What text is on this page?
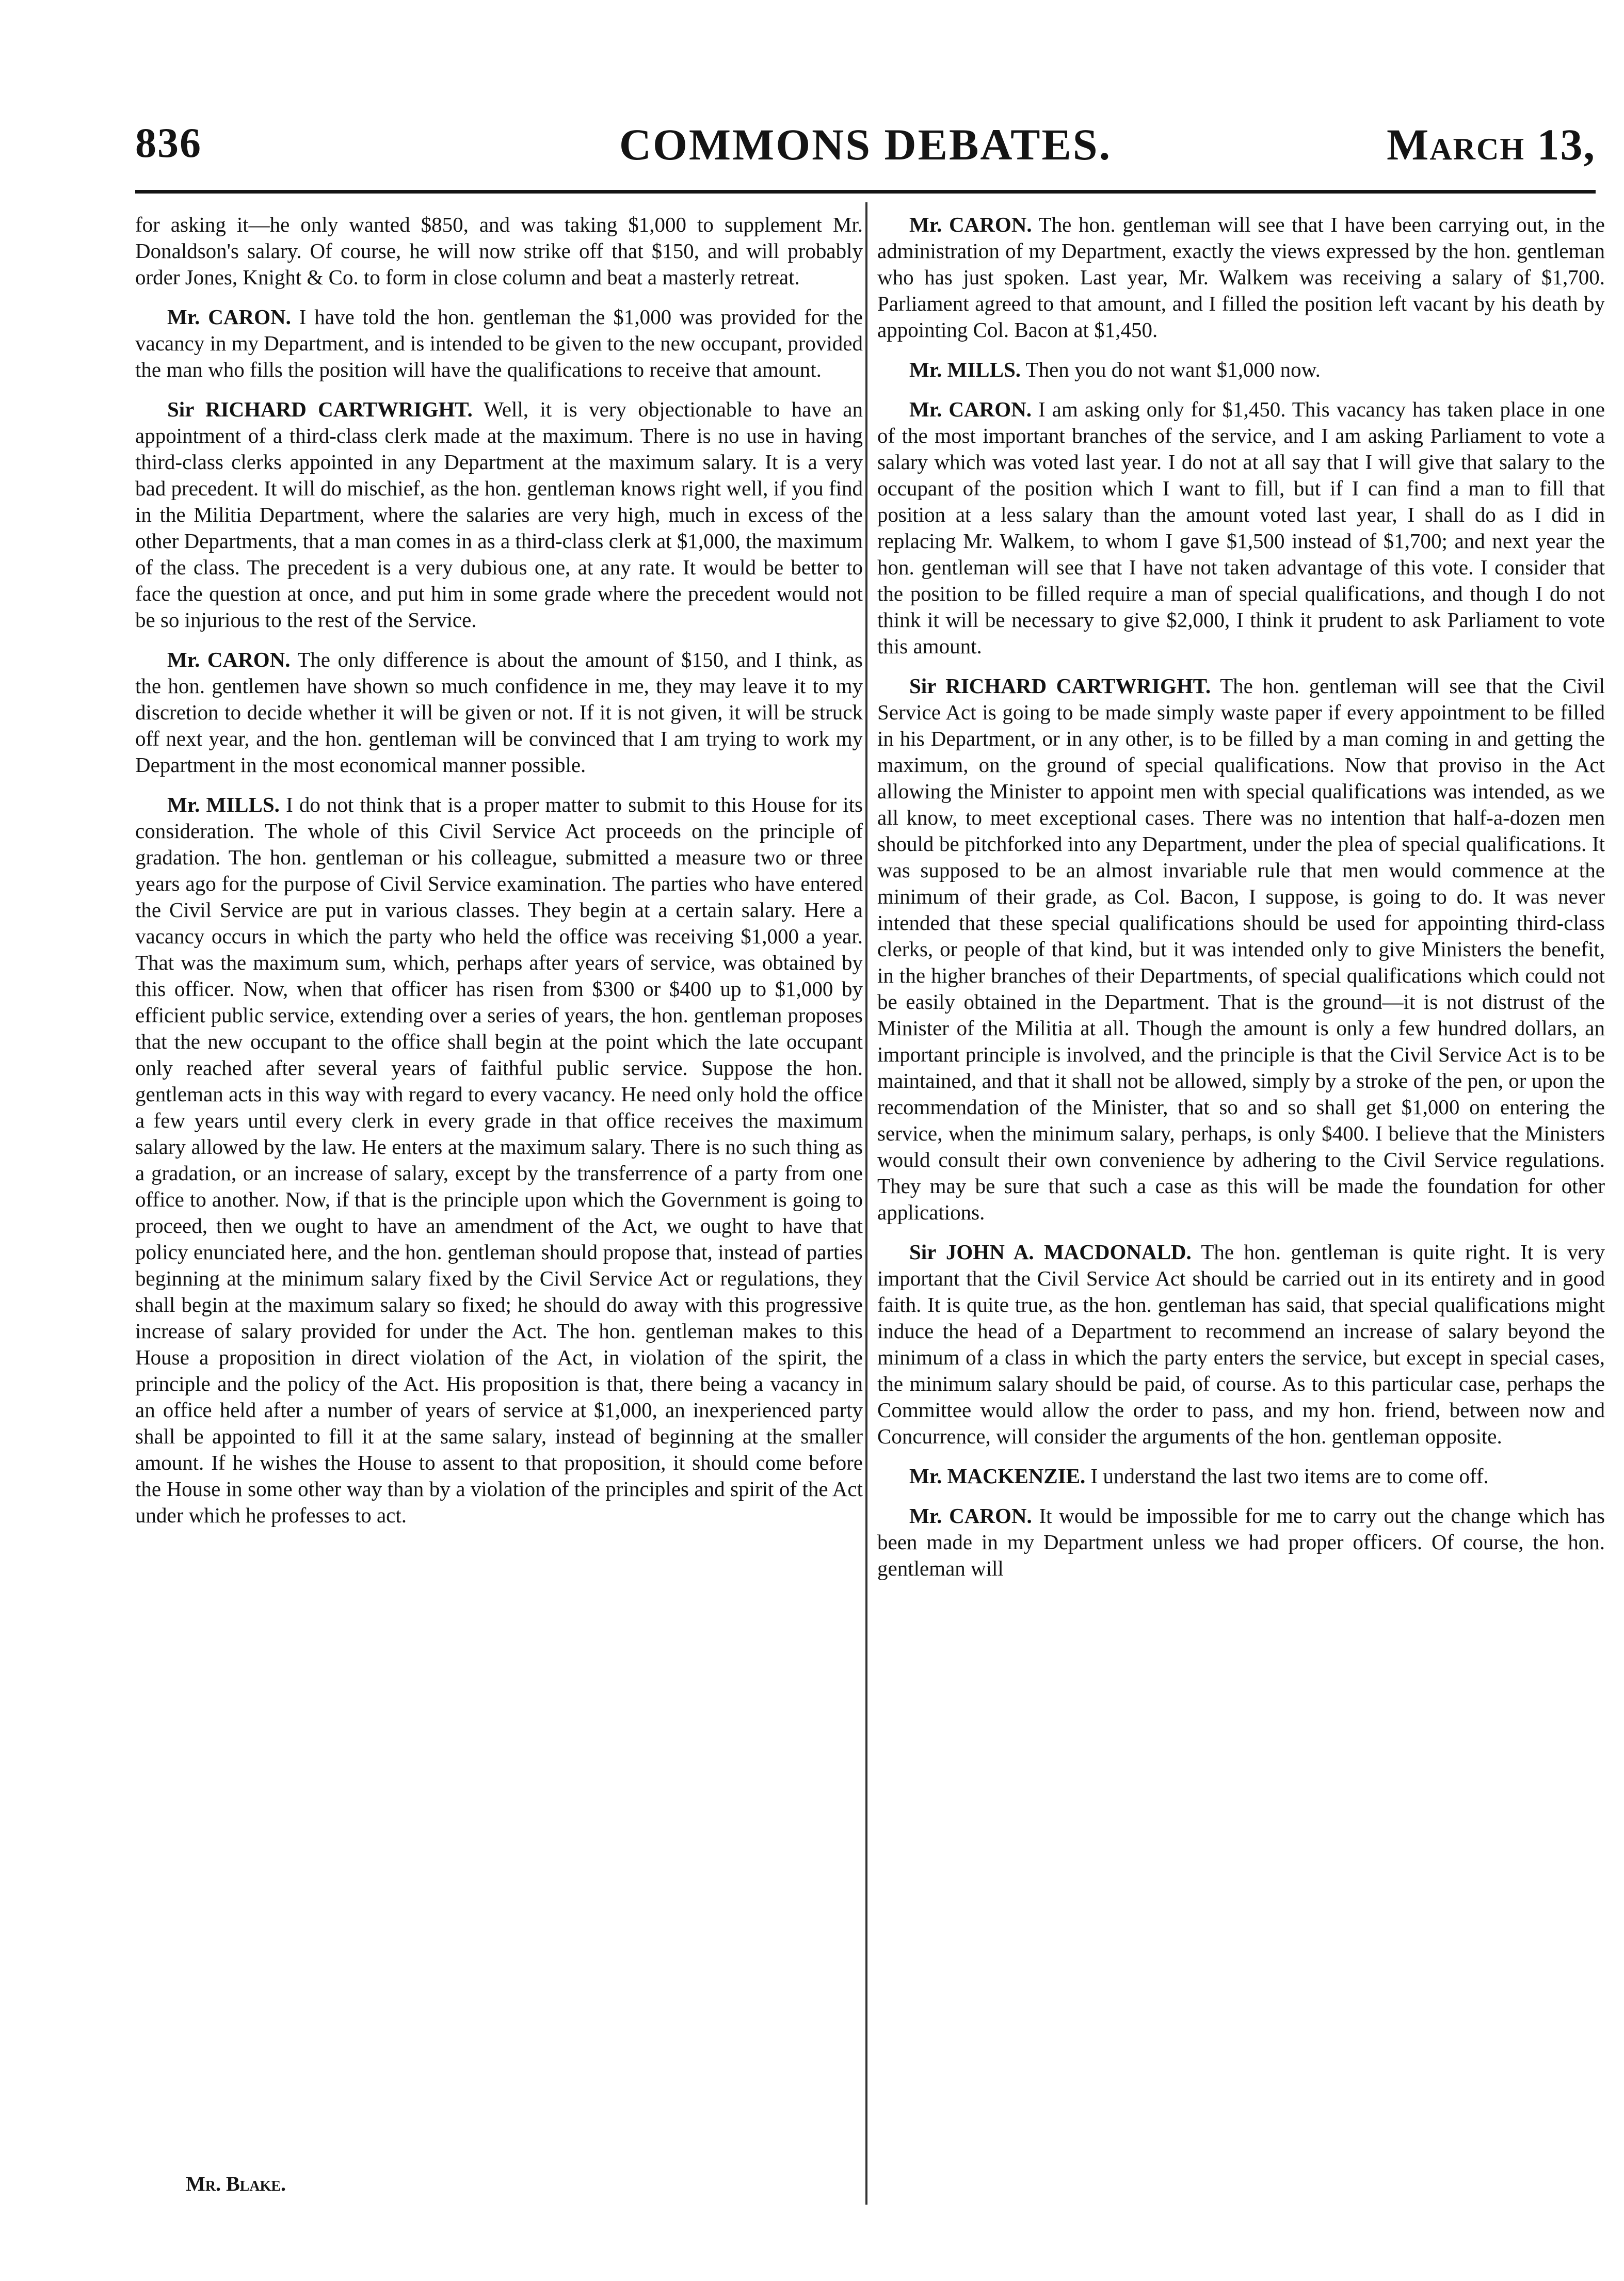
836	COMMONS DEBATES.	March 13,

for asking it—he only wanted $850, and was taking $1,000 to supplement Mr. Donaldson's salary. Of course, he will now strike off that $150, and will probably order Jones, Knight & Co. to form in close column and beat a masterly retreat.

Mr. CARON. I have told the hon. gentleman the $1,000 was provided for the vacancy in my Department, and is intended to be given to the new occupant, provided the man who fills the position will have the qualifications to receive that amount.

Sir RICHARD CARTWRIGHT. Well, it is very objectionable to have an appointment of a third-class clerk made at the maximum. There is no use in having third-class clerks appointed in any Department at the maximum salary. It is a very bad precedent. It will do mischief, as the hon. gentleman knows right well, if you find in the Militia Department, where the salaries are very high, much in excess of the other Departments, that a man comes in as a third-class clerk at $1,000, the maximum of the class. The precedent is a very dubious one, at any rate. It would be better to face the question at once, and put him in some grade where the precedent would not be so injurious to the rest of the Service.

Mr. CARON. The only difference is about the amount of $150, and I think, as the hon. gentlemen have shown so much confidence in me, they may leave it to my discretion to decide whether it will be given or not. If it is not given, it will be struck off next year, and the hon. gentleman will be convinced that I am trying to work my Department in the most economical manner possible.

Mr. MILLS. I do not think that is a proper matter to submit to this House for its consideration. The whole of this Civil Service Act proceeds on the principle of gradation. The hon. gentleman or his colleague, submitted a measure two or three years ago for the purpose of Civil Service examination. The parties who have entered the Civil Service are put in various classes. They begin at a certain salary. Here a vacancy occurs in which the party who held the office was receiving $1,000 a year. That was the maximum sum, which, perhaps after years of service, was obtained by this officer. Now, when that officer has risen from $300 or $400 up to $1,000 by efficient public service, extending over a series of years, the hon. gentleman proposes that the new occupant to the office shall begin at the point which the late occupant only reached after several years of faithful public service. Suppose the hon. gentleman acts in this way with regard to every vacancy. He need only hold the office a few years until every clerk in every grade in that office receives the maximum salary allowed by the law. He enters at the maximum salary. There is no such thing as a gradation, or an increase of salary, except by the transferrence of a party from one office to another. Now, if that is the principle upon which the Government is going to proceed, then we ought to have an amendment of the Act, we ought to have that policy enunciated here, and the hon. gentleman should propose that, instead of parties beginning at the minimum salary fixed by the Civil Service Act or regulations, they shall begin at the maximum salary so fixed; he should do away with this progressive increase of salary provided for under the Act. The hon. gentleman makes to this House a proposition in direct violation of the Act, in violation of the spirit, the principle and the policy of the Act. His proposition is that, there being a vacancy in an office held after a number of years of service at $1,000, an inexperienced party shall be appointed to fill it at the same salary, instead of beginning at the smaller amount. If he wishes the House to assent to that proposition, it should come before the House in some other way than by a violation of the principles and spirit of the Act under which he professes to act.

Mr. CARON. The hon. gentleman will see that I have been carrying out, in the administration of my Department, exactly the views expressed by the hon. gentleman who has just spoken. Last year, Mr. Walkem was receiving a salary of $1,700. Parliament agreed to that amount, and I filled the position left vacant by his death by appointing Col. Bacon at $1,450.

Mr. MILLS. Then you do not want $1,000 now.

Mr. CARON. I am asking only for $1,450. This vacancy has taken place in one of the most important branches of the service, and I am asking Parliament to vote a salary which was voted last year. I do not at all say that I will give that salary to the occupant of the position which I want to fill, but if I can find a man to fill that position at a less salary than the amount voted last year, I shall do as I did in replacing Mr. Walkem, to whom I gave $1,500 instead of $1,700; and next year the hon. gentleman will see that I have not taken advantage of this vote. I consider that the position to be filled require a man of special qualifications, and though I do not think it will be necessary to give $2,000, I think it prudent to ask Parliament to vote this amount.

Sir RICHARD CARTWRIGHT. The hon. gentleman will see that the Civil Service Act is going to be made simply waste paper if every appointment to be filled in his Department, or in any other, is to be filled by a man coming in and getting the maximum, on the ground of special qualifications. Now that proviso in the Act allowing the Minister to appoint men with special qualifications was intended, as we all know, to meet exceptional cases. There was no intention that half-a-dozen men should be pitchforked into any Department, under the plea of special qualifications. It was supposed to be an almost invariable rule that men would commence at the minimum of their grade, as Col. Bacon, I suppose, is going to do. It was never intended that these special qualifications should be used for appointing third-class clerks, or people of that kind, but it was intended only to give Ministers the benefit, in the higher branches of their Departments, of special qualifications which could not be easily obtained in the Department. That is the ground—it is not distrust of the Minister of the Militia at all. Though the amount is only a few hundred dollars, an important principle is involved, and the principle is that the Civil Service Act is to be maintained, and that it shall not be allowed, simply by a stroke of the pen, or upon the recommendation of the Minister, that so and so shall get $1,000 on entering the service, when the minimum salary, perhaps, is only $400. I believe that the Ministers would consult their own convenience by adhering to the Civil Service regulations. They may be sure that such a case as this will be made the foundation for other applications.

Sir JOHN A. MACDONALD. The hon. gentleman is quite right. It is very important that the Civil Service Act should be carried out in its entirety and in good faith. It is quite true, as the hon. gentleman has said, that special qualifications might induce the head of a Department to recommend an increase of salary beyond the minimum of a class in which the party enters the service, but except in special cases, the minimum salary should be paid, of course. As to this particular case, perhaps the Committee would allow the order to pass, and my hon. friend, between now and Concurrence, will consider the arguments of the hon. gentleman opposite.

Mr. MACKENZIE. I understand the last two items are to come off.

Mr. CARON. It would be impossible for me to carry out the change which has been made in my Department unless we had proper officers. Of course, the hon. gentleman will

Mr. Blake.
